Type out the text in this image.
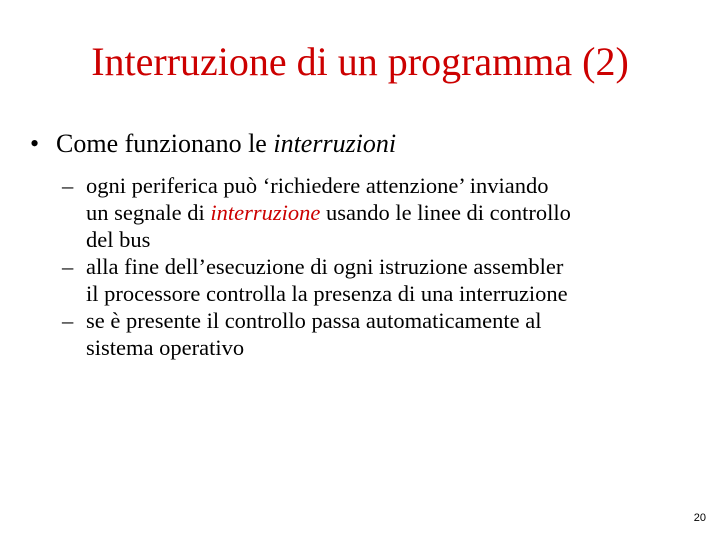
Interruzione di un programma (2)
• Come funzionano le interruzioni
– ogni periferica può ‘richiedere attenzione’ inviando
un segnale di interruzione usando le linee di controllo
del bus
– alla fine dell’esecuzione di ogni istruzione assembler
il processore controlla la presenza di una interruzione
– se è presente il controllo passa automaticamente al
sistema operativo
20
